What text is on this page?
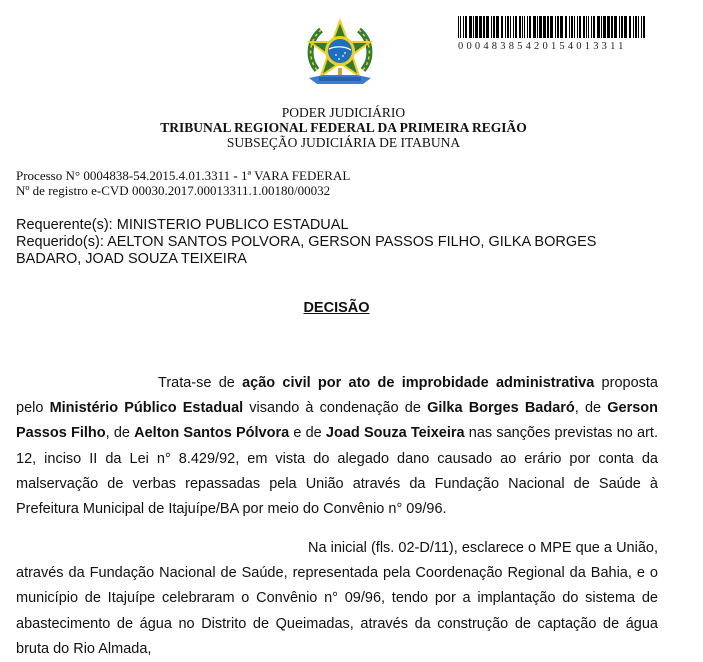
00048385420154013311
PODER JUDICIÁRIO
TRIBUNAL REGIONAL FEDERAL DA PRIMEIRA REGIÃO
SUBSEÇÃO JUDICIÁRIA DE ITABUNA
Processo N° 0004838-54.2015.4.01.3311 - 1ª VARA FEDERAL
Nº de registro e-CVD 00030.2017.00013311.1.00180/00032
Requerente(s): MINISTERIO PUBLICO ESTADUAL
Requerido(s): AELTON SANTOS POLVORA, GERSON PASSOS FILHO, GILKA BORGES BADARO, JOAD SOUZA TEIXEIRA
DECISÃO
Trata-se de ação civil por ato de improbidade administrativa proposta pelo Ministério Público Estadual visando à condenação de Gilka Borges Badaró, de Gerson Passos Filho, de Aelton Santos Pólvora e de Joad Souza Teixeira nas sanções previstas no art. 12, inciso II da Lei n° 8.429/92, em vista do alegado dano causado ao erário por conta da malservação de verbas repassadas pela União através da Fundação Nacional de Saúde à Prefeitura Municipal de Itajuípe/BA por meio do Convênio n° 09/96.
Na inicial (fls. 02-D/11), esclarece o MPE que a União, através da Fundação Nacional de Saúde, representada pela Coordenação Regional da Bahia, e o município de Itajuípe celebraram o Convênio n° 09/96, tendo por a implantação do sistema de abastecimento de água no Distrito de Queimadas, através da construção de captação de água bruta do Rio Almada,
